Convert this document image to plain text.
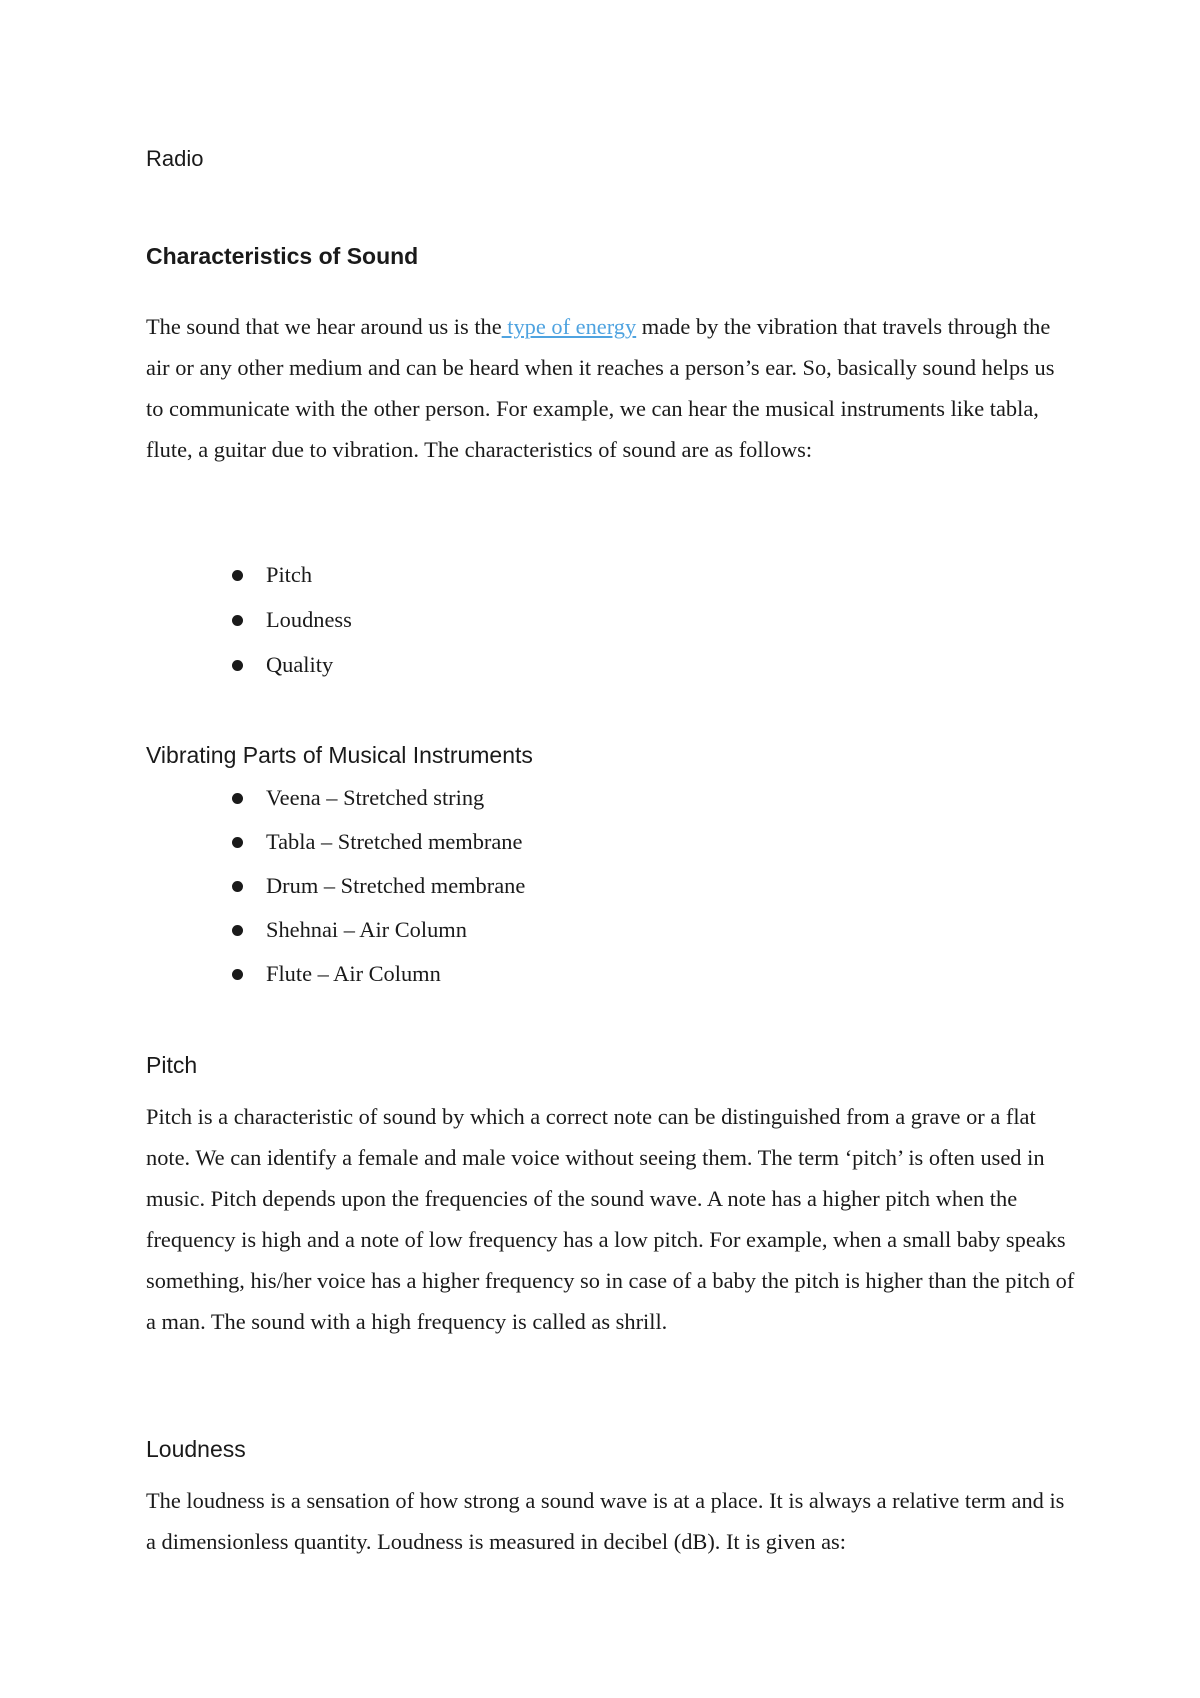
Radio

Characteristics of Sound

The sound that we hear around us is the type of energy made by the vibration that travels through the air or any other medium and can be heard when it reaches a person’s ear. So, basically sound helps us to communicate with the other person. For example, we can hear the musical instruments like tabla, flute, a guitar due to vibration. The characteristics of sound are as follows:

Pitch
Loudness
Quality
Vibrating Parts of Musical Instruments
Veena – Stretched string
Tabla – Stretched membrane
Drum – Stretched membrane
Shehnai – Air Column
Flute – Air Column
Pitch

Pitch is a characteristic of sound by which a correct note can be distinguished from a grave or a flat note. We can identify a female and male voice without seeing them. The term ‘pitch’ is often used in music. Pitch depends upon the frequencies of the sound wave. A note has a higher pitch when the frequency is high and a note of low frequency has a low pitch. For example, when a small baby speaks something, his/her voice has a higher frequency so in case of a baby the pitch is higher than the pitch of a man. The sound with a high frequency is called as shrill.

Loudness

The loudness is a sensation of how strong a sound wave is at a place. It is always a relative term and is a dimensionless quantity. Loudness is measured in decibel (dB). It is given as:
